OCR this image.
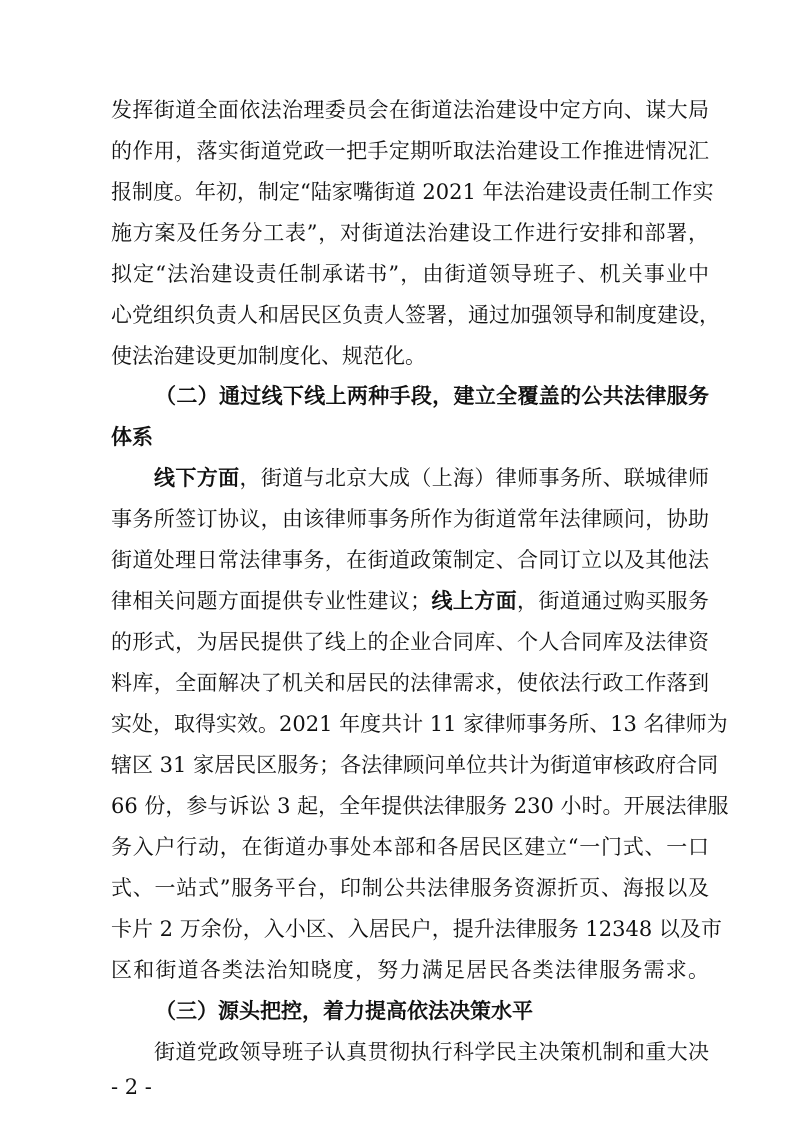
发挥街道全面依法治理委员会在街道法治建设中定方向、谋大局
的作用，落实街道党政一把手定期听取法治建设工作推进情况汇
报制度。年初，制定“陆家嘴街道 2021 年法治建设责任制工作实
施方案及任务分工表”，对街道法治建设工作进行安排和部署，
拟定“法治建设责任制承诺书”，由街道领导班子、机关事业中
心党组织负责人和居民区负责人签署，通过加强领导和制度建设，
使法治建设更加制度化、规范化。
（二）通过线下线上两种手段，建立全覆盖的公共法律服务
体系
线下方面，街道与北京大成（上海）律师事务所、联城律师
事务所签订协议，由该律师事务所作为街道常年法律顾问，协助
街道处理日常法律事务，在街道政策制定、合同订立以及其他法
律相关问题方面提供专业性建议；线上方面，街道通过购买服务
的形式，为居民提供了线上的企业合同库、个人合同库及法律资
料库，全面解决了机关和居民的法律需求，使依法行政工作落到
实处，取得实效。2021 年度共计 11 家律师事务所、13 名律师为
辖区 31 家居民区服务；各法律顾问单位共计为街道审核政府合同
66 份，参与诉讼 3 起，全年提供法律服务 230 小时。开展法律服
务入户行动，在街道办事处本部和各居民区建立“一门式、一口
式、一站式”服务平台，印制公共法律服务资源折页、海报以及
卡片 2 万余份，入小区、入居民户，提升法律服务 12348 以及市
区和街道各类法治知晓度，努力满足居民各类法律服务需求。
（三）源头把控，着力提高依法决策水平
街道党政领导班子认真贯彻执行科学民主决策机制和重大决
- 2 -
